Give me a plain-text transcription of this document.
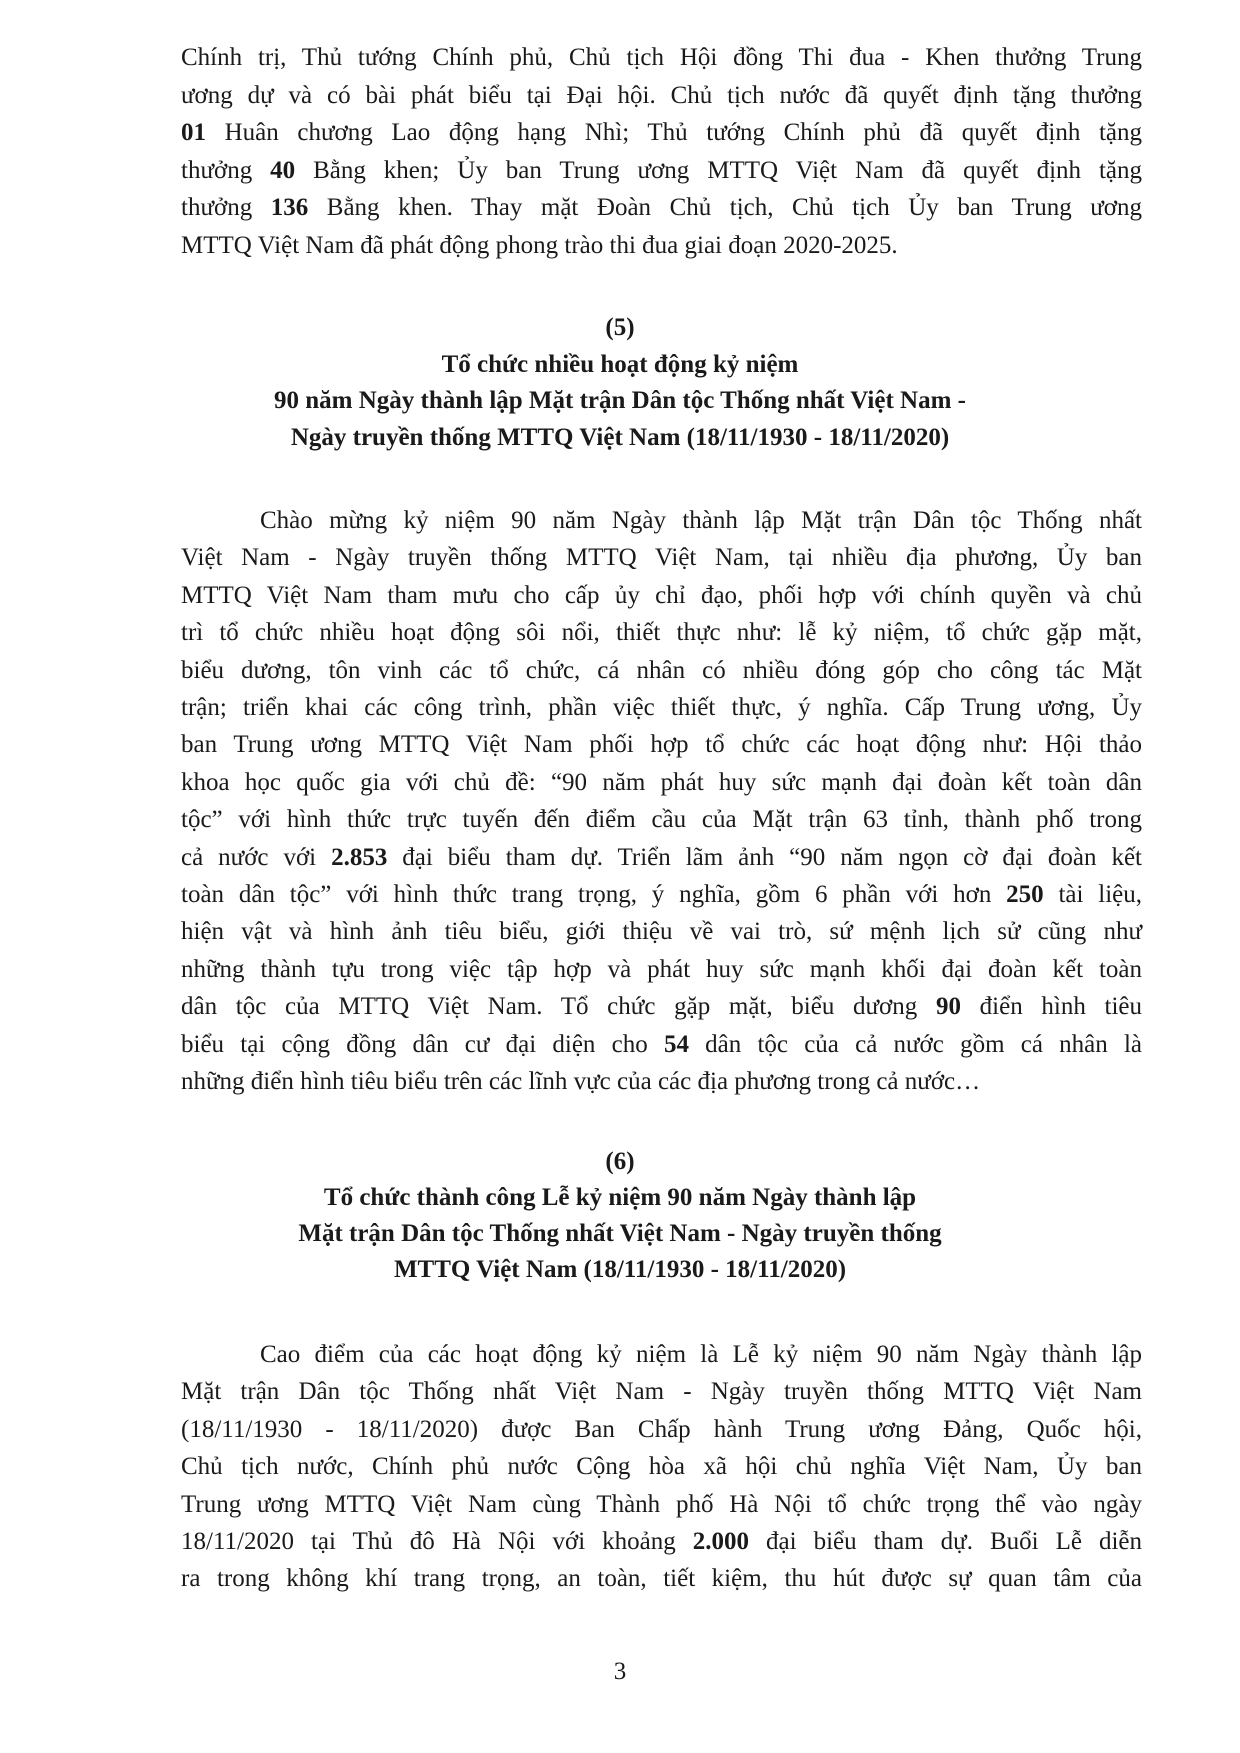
Chính trị, Thủ tướng Chính phủ, Chủ tịch Hội đồng Thi đua - Khen thưởng Trung
ương dự và có bài phát biểu tại Đại hội. Chủ tịch nước đã quyết định tặng thưởng
01 Huân chương Lao động hạng Nhì; Thủ tướng Chính phủ đã quyết định tặng
thưởng 40 Bằng khen; Ủy ban Trung ương MTTQ Việt Nam đã quyết định tặng
thưởng 136 Bằng khen. Thay mặt Đoàn Chủ tịch, Chủ tịch Ủy ban Trung ương
MTTQ Việt Nam đã phát động phong trào thi đua giai đoạn 2020-2025.
(5)
Tổ chức nhiều hoạt động kỷ niệm
90 năm Ngày thành lập Mặt trận Dân tộc Thống nhất Việt Nam -
Ngày truyền thống MTTQ Việt Nam (18/11/1930 - 18/11/2020)
Chào mừng kỷ niệm 90 năm Ngày thành lập Mặt trận Dân tộc Thống nhất
Việt Nam - Ngày truyền thống MTTQ Việt Nam, tại nhiều địa phương, Ủy ban
MTTQ Việt Nam tham mưu cho cấp ủy chỉ đạo, phối hợp với chính quyền và chủ
trì tổ chức nhiều hoạt động sôi nổi, thiết thực như: lễ kỷ niệm, tổ chức gặp mặt,
biểu dương, tôn vinh các tổ chức, cá nhân có nhiều đóng góp cho công tác Mặt
trận; triển khai các công trình, phần việc thiết thực, ý nghĩa. Cấp Trung ương, Ủy
ban Trung ương MTTQ Việt Nam phối hợp tổ chức các hoạt động như: Hội thảo
khoa học quốc gia với chủ đề: “90 năm phát huy sức mạnh đại đoàn kết toàn dân
tộc” với hình thức trực tuyến đến điểm cầu của Mặt trận 63 tỉnh, thành phố trong
cả nước với 2.853 đại biểu tham dự. Triển lãm ảnh “90 năm ngọn cờ đại đoàn kết
toàn dân tộc” với hình thức trang trọng, ý nghĩa, gồm 6 phần với hơn 250 tài liệu,
hiện vật và hình ảnh tiêu biểu, giới thiệu về vai trò, sứ mệnh lịch sử cũng như
những thành tựu trong việc tập hợp và phát huy sức mạnh khối đại đoàn kết toàn
dân tộc của MTTQ Việt Nam. Tổ chức gặp mặt, biểu dương 90 điển hình tiêu
biểu tại cộng đồng dân cư đại diện cho 54 dân tộc của cả nước gồm cá nhân là
những điển hình tiêu biểu trên các lĩnh vực của các địa phương trong cả nước…
(6)
Tổ chức thành công Lễ kỷ niệm 90 năm Ngày thành lập
Mặt trận Dân tộc Thống nhất Việt Nam - Ngày truyền thống
MTTQ Việt Nam (18/11/1930 - 18/11/2020)
Cao điểm của các hoạt động kỷ niệm là Lễ kỷ niệm 90 năm Ngày thành lập
Mặt trận Dân tộc Thống nhất Việt Nam - Ngày truyền thống MTTQ Việt Nam
(18/11/1930 - 18/11/2020) được Ban Chấp hành Trung ương Đảng, Quốc hội,
Chủ tịch nước, Chính phủ nước Cộng hòa xã hội chủ nghĩa Việt Nam, Ủy ban
Trung ương MTTQ Việt Nam cùng Thành phố Hà Nội tổ chức trọng thể vào ngày
18/11/2020 tại Thủ đô Hà Nội với khoảng 2.000 đại biểu tham dự. Buổi Lễ diễn
ra trong không khí trang trọng, an toàn, tiết kiệm, thu hút được sự quan tâm của
3
